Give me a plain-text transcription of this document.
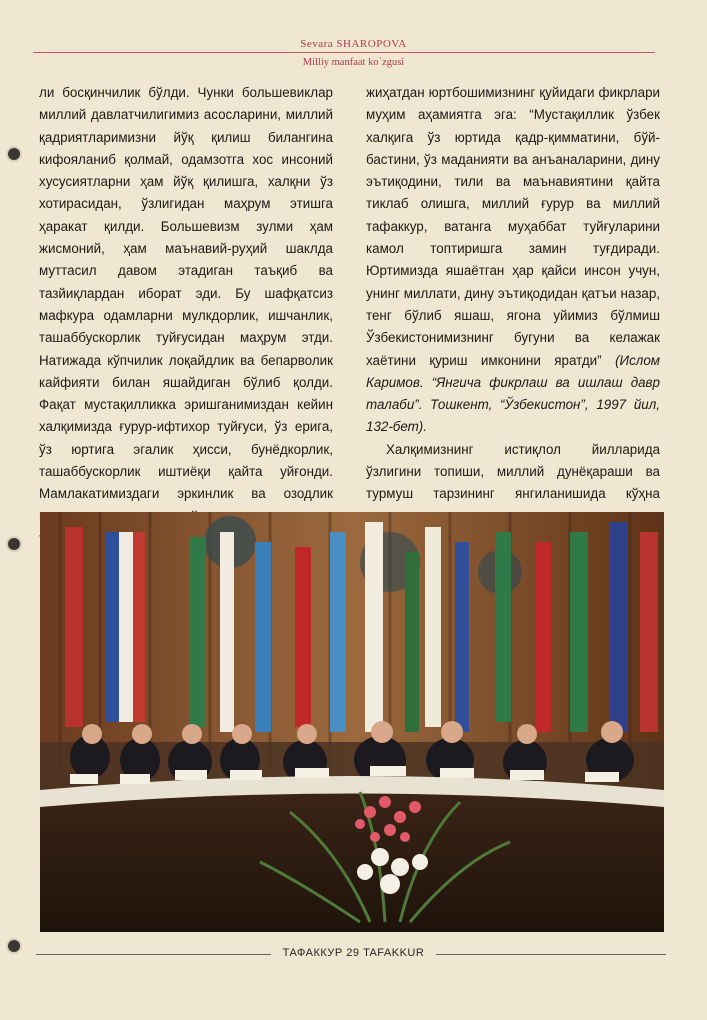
Sevara SHAROPOVA
Milliy manfaat ko`zgusi

ли босқинчилик бўлди. Чунки большевиклар миллий давлатчилигимиз асосларини, миллий қадриятларимизни йўқ қилиш билангина кифояланиб қолмай, одамзотга хос инсоний хусусиятларни ҳам йўқ қилишга, халқни ўз хотирасидан, ўзлигидан маҳрум этишга ҳаракат қилди. Большевизм зулми ҳам жисмоний, ҳам маънавий-руҳий шаклда муттасил давом этадиган таъқиб ва тазйиқлардан иборат эди. Бу шафқатсиз мафкура одамларни мулкдорлик, ишчанлик, ташаббускорлик туйғусидан маҳрум этди. Натижада кўпчилик лоқайдлик ва бепарволик кайфияти билан яшайдиган бўлиб қолди. Фақат мустақилликка эришганимиздан кейин халқимизда ғурур-ифтихор туйғуси, ўз ерига, ўз юртига эгалик ҳисси, бунёдкорлик, ташаббускорлик иштиёқи қайта уйғонди. Мамлакатимиздаги эркинлик ва озодлик

жиҳатдан юртбошимизнинг қуйидаги фикрлари муҳим аҳамиятга эга: “Мустақиллик ўзбек халқига ўз юртида қадр-қимматини, бўй-бастини, ўз маданияти ва анъаналарини, дину эътиқодини, тили ва маънавиятини қайта тиклаб олишга, миллий ғурур ва миллий тафаккур, ватанга муҳаббат туйғуларини камол топтиришга замин туғдиради. Юртимизда яшаётган ҳар қайси инсон учун, унинг миллати, дину эътиқодидан қатъи назар, тенг бўлиб яшаш, ягона уйимиз бўлмиш Ўзбекистонимизнинг бугуни ва келажак хаётини қуриш имконини яратди” (Ислом Каримов. “Янгича фикрлаш ва ишлаш давр талаби”. Тошкент, “Ўзбекистон”, 1997 йил, 132-бет).

Халқимизнинг истиқлол йилларида ўзлигини топиши, миллий дунёқараши ва турмуш тарзининг янгиланишида кўҳна

ТАФАККУР 29 TAFAKKUR
